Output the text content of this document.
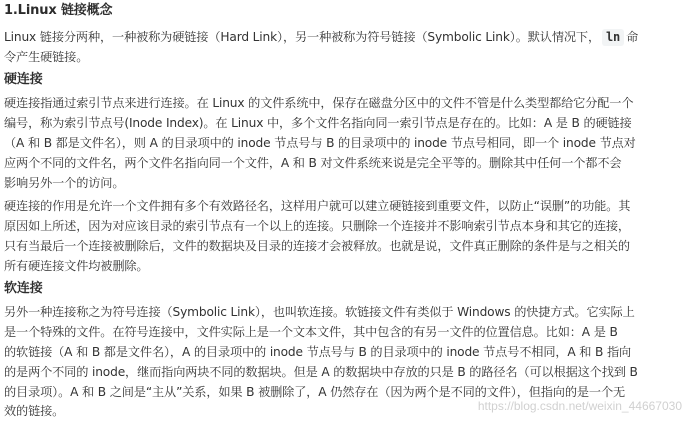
1.Linux 链接概念
Linux 链接分两种，一种被称为硬链接（Hard Link），另一种被称为符号链接（Symbolic Link）。默认情况下， ln 命
令产生硬链接。
硬连接
硬连接指通过索引节点来进行连接。在 Linux 的文件系统中，保存在磁盘分区中的文件不管是什么类型都给它分配一个
编号，称为索引节点号(Inode Index)。在 Linux 中，多个文件名指向同一索引节点是存在的。比如：A 是 B 的硬链接
（A 和 B 都是文件名），则 A 的目录项中的 inode 节点号与 B 的目录项中的 inode 节点号相同，即一个 inode 节点对
应两个不同的文件名，两个文件名指向同一个文件，A 和 B 对文件系统来说是完全平等的。删除其中任何一个都不会
影响另外一个的访问。
硬连接的作用是允许一个文件拥有多个有效路径名，这样用户就可以建立硬链接到重要文件，以防止“误删”的功能。其
原因如上所述，因为对应该目录的索引节点有一个以上的连接。只删除一个连接并不影响索引节点本身和其它的连接，
只有当最后一个连接被删除后，文件的数据块及目录的连接才会被释放。也就是说，文件真正删除的条件是与之相关的
所有硬连接文件均被删除。
软连接
另外一种连接称之为符号连接（Symbolic Link），也叫软连接。软链接文件有类似于 Windows 的快捷方式。它实际上
是一个特殊的文件。在符号连接中，文件实际上是一个文本文件，其中包含的有另一文件的位置信息。比如：A 是 B
的软链接（A 和 B 都是文件名），A 的目录项中的 inode 节点号与 B 的目录项中的 inode 节点号不相同，A 和 B 指向
的是两个不同的 inode，继而指向两块不同的数据块。但是 A 的数据块中存放的只是 B 的路径名（可以根据这个找到 B
的目录项）。A 和 B 之间是“主从”关系，如果 B 被删除了，A 仍然存在（因为两个是不同的文件），但指向的是一个无
效的链接。	https://blog.csdn.net/weixin_44667030
